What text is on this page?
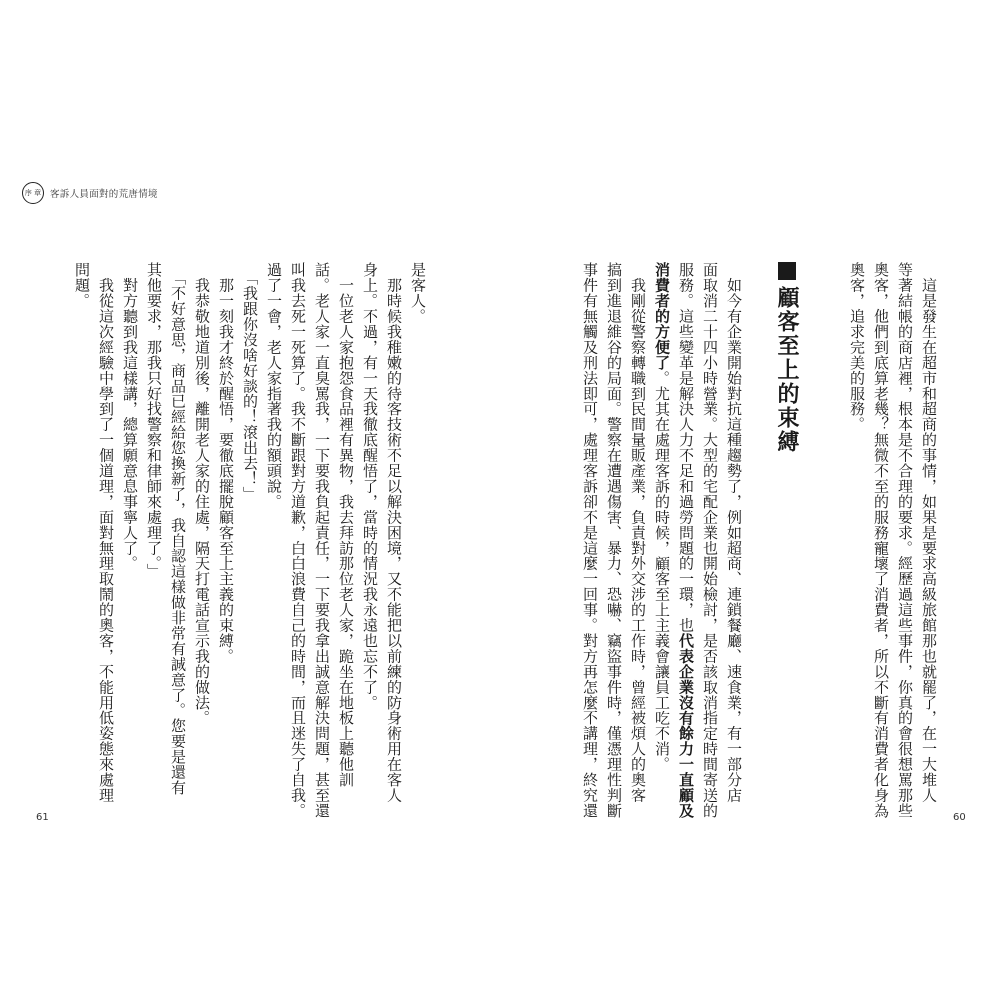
序 章 客訴人員面對的荒唐情境
是客人。
　那時候我稚嫩的待客技術不足以解決困境，又不能把以前練的防身術用在客人
身上。不過，有一天我徹底醒悟了，當時的情況我永遠也忘不了。
　一位老人家抱怨食品裡有異物，我去拜訪那位老人家，跪坐在地板上聽他訓
話。老人家一直臭罵我，一下要我負起責任，一下要我拿出誠意解決問題，甚至還
叫我去死一死算了。我不斷跟對方道歉，白白浪費自己的時間，而且迷失了自我。
過了一會，老人家指著我的額頭說。
　「我跟你沒啥好談的！滾出去！」
　那一刻我才終於醒悟，要徹底擺脫顧客至上主義的束縛。
　我恭敬地道別後，離開老人家的住處，隔天打電話宣示我的做法。
　「不好意思，商品已經給您換新了，我自認這樣做非常有誠意了。您要是還有
其他要求，那我只好找警察和律師來處理了。」
　對方聽到我這樣講，總算願意息事寧人了。
　我從這次經驗中學到了一個道理，面對無理取鬧的奧客，不能用低姿態來處理
問題。
61
　這是發生在超市和超商的事情，如果是要求高級旅館那也就罷了，在一大堆人
等著結帳的商店裡，根本是不合理的要求。經歷過這些事件，你真的會很想罵那些
奧客，他們到底算老幾？無微不至的服務寵壞了消費者，所以不斷有消費者化身為
奧客，追求完美的服務。
顧客至上的束縛
　如今有企業開始對抗這種趨勢了，例如超商、連鎖餐廳、速食業，有一部分店
面取消二十四小時營業。大型的宅配企業也開始檢討，是否該取消指定時間寄送的
服務。這些變革是解決人力不足和過勞問題的一環，也代表企業沒有餘力一直顧及
消費者的方便了。尤其在處理客訴的時候，顧客至上主義會讓員工吃不消。
　我剛從警察轉職到民間量販產業，負責對外交涉的工作時，曾經被煩人的奧客
搞到進退維谷的局面。警察在遭遇傷害、暴力、恐嚇、竊盜事件時，僅憑理性判斷
事件有無觸及刑法即可，處理客訴卻不是這麼一回事。對方再怎麼不講理，終究還	60
